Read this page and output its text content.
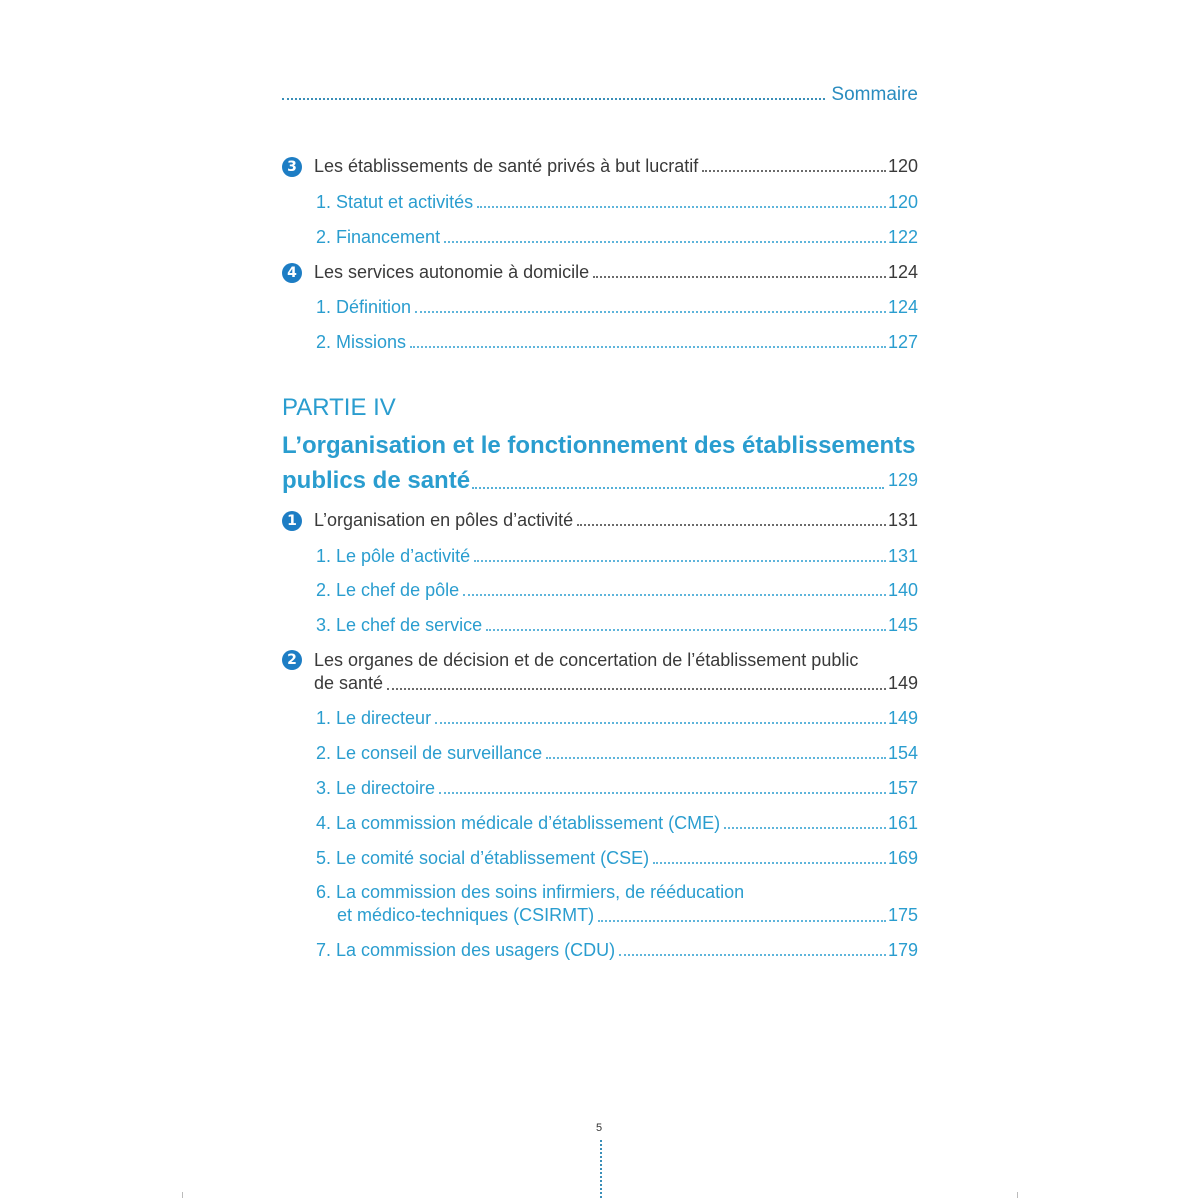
Sommaire
3 Les établissements de santé privés à but lucratif	120
1. Statut et activités	120
2. Financement	122
4 Les services autonomie à domicile	124
1. Définition	124
2. Missions	127
PARTIE IV
L’organisation et le fonctionnement des établissements
publics de santé	129
1 L’organisation en pôles d’activité	131
1. Le pôle d’activité	131
2. Le chef de pôle	140
3. Le chef de service	145
2 Les organes de décision et de concertation de l’établissement public
de santé	149
1. Le directeur	149
2. Le conseil de surveillance	154
3. Le directoire	157
4. La commission médicale d’établissement (CME)	161
5. Le comité social d’établissement (CSE)	169
6. La commission des soins infirmiers, de rééducation
et médico-techniques (CSIRMT)	175
7. La commission des usagers (CDU)	179
5
